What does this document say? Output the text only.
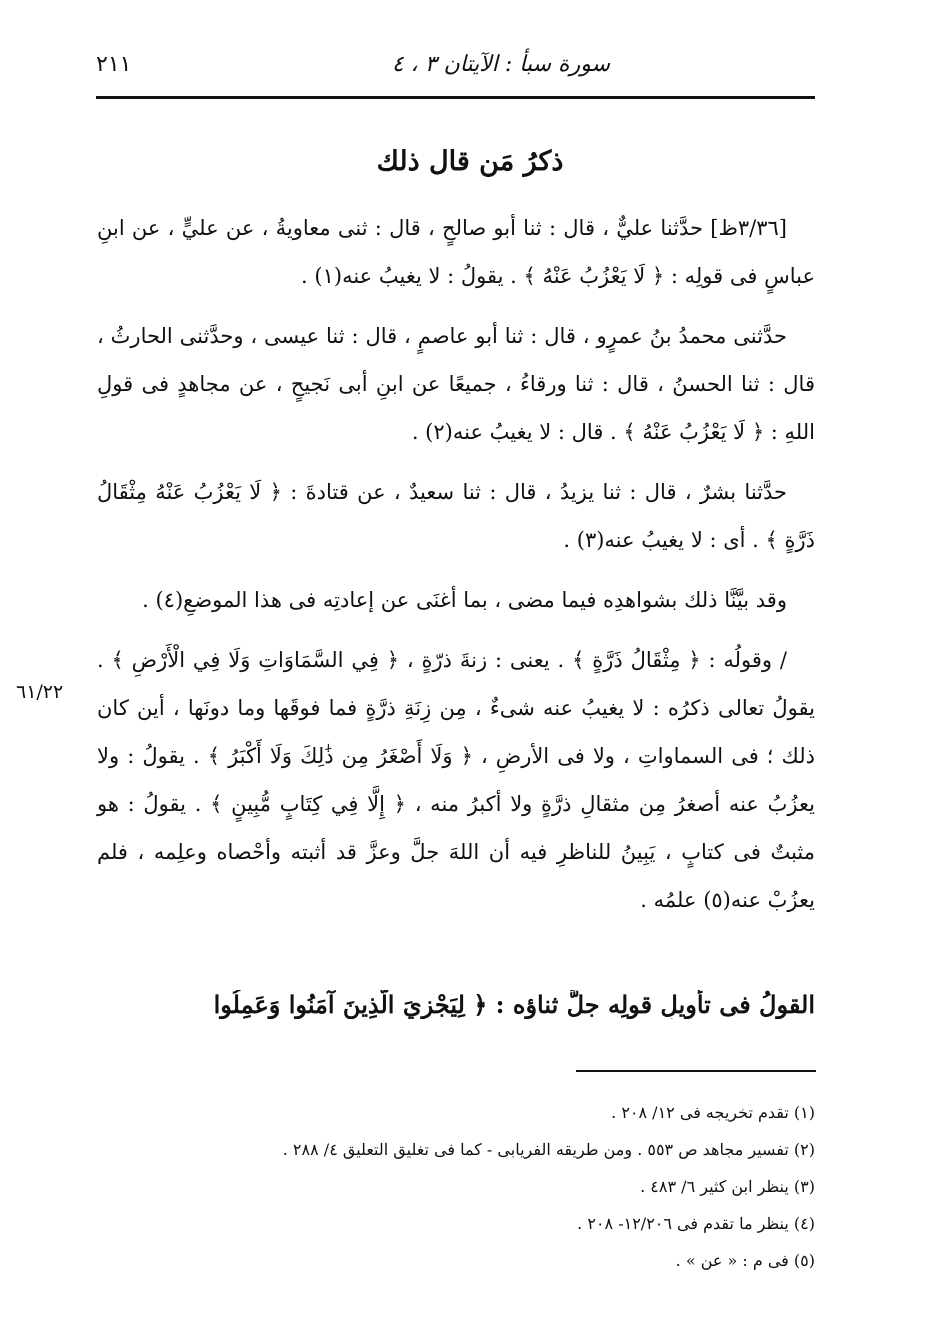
سورة سبأ : الآيتان ٣ ، ٤
٢١١
ذكرُ مَن قال ذلك

[٣/٣٦ظ] حدَّثنا عليٌّ ، قال : ثنا أبو صالحٍ ، قال : ثنى معاويةُ ، عن عليٍّ ، عن ابنِ عباسٍ فى قولِه : ﴿ لَا يَعْزُبُ عَنْهُ ﴾ . يقولُ : لا يغيبُ عنه(١) .

حدَّثنى محمدُ بنُ عمرٍو ، قال : ثنا أبو عاصمٍ ، قال : ثنا عيسى ، وحدَّثنى الحارثُ ، قال : ثنا الحسنُ ، قال : ثنا ورقاءُ ، جميعًا عن ابنِ أبى نَجيحٍ ، عن مجاهدٍ فى قولِ اللهِ : ﴿ لَا يَعْزُبُ عَنْهُ ﴾ . قال : لا يغيبُ عنه(٢) .

حدَّثنا بشرٌ ، قال : ثنا يزيدُ ، قال : ثنا سعيدٌ ، عن قتادةَ : ﴿ لَا يَعْزُبُ عَنْهُ مِثْقَالُ ذَرَّةٍ ﴾ . أى : لا يغيبُ عنه(٣) .

وقد بيَّنَّا ذلك بشواهدِه فيما مضى ، بما أغنَى عن إعادتِه فى هذا الموضعِ(٤) .

/ وقولُه : ﴿ مِثْقَالُ ذَرَّةٍ ﴾ . يعنى : زنةَ ذرّةٍ ، ﴿ فِي السَّمَاوَاتِ وَلَا فِي الْأَرْضِ ﴾ . يقولُ تعالى ذكرُه : لا يغيبُ عنه شىءٌ ، مِن زِنَةِ ذرَّةٍ فما فوقَها وما دونَها ، أين كان ذلك ؛ فى السماواتِ ، ولا فى الأرضِ ، ﴿ وَلَا أَصْغَرُ مِن ذَٰلِكَ وَلَا أَكْبَرُ ﴾ . يقولُ : ولا يعزُبُ عنه أصغرُ مِن مثقالِ ذرَّةٍ ولا أكبرُ منه ، ﴿ إِلَّا فِي كِتَابٍ مُّبِينٍ ﴾ . يقولُ : هو مثبتٌ فى كتابٍ ، يَبِينُ للناظرِ فيه أن اللهَ جلَّ وعزَّ قد أثبته وأحْصاه وعلِمه ، فلم يعزُبْ عنه(٥) علمُه .

٦١/٢٢
القولُ فى تأويلِ قولِه جلَّ ثناؤه : ﴿ لِيَجْزِيَ الَّذِينَ آمَنُوا وَعَمِلُوا

(١) تقدم تخريجه فى ١٢/ ٢٠٨ .

(٢) تفسير مجاهد ص ٥٥٣ . ومن طريقه الفريابى - كما فى تغليق التعليق ٤/ ٢٨٨ .

(٣) ينظر ابن كثير ٦/ ٤٨٣ .

(٤) ينظر ما تقدم فى ١٢/٢٠٦- ٢٠٨ .

(٥) فى م : « عن » .
